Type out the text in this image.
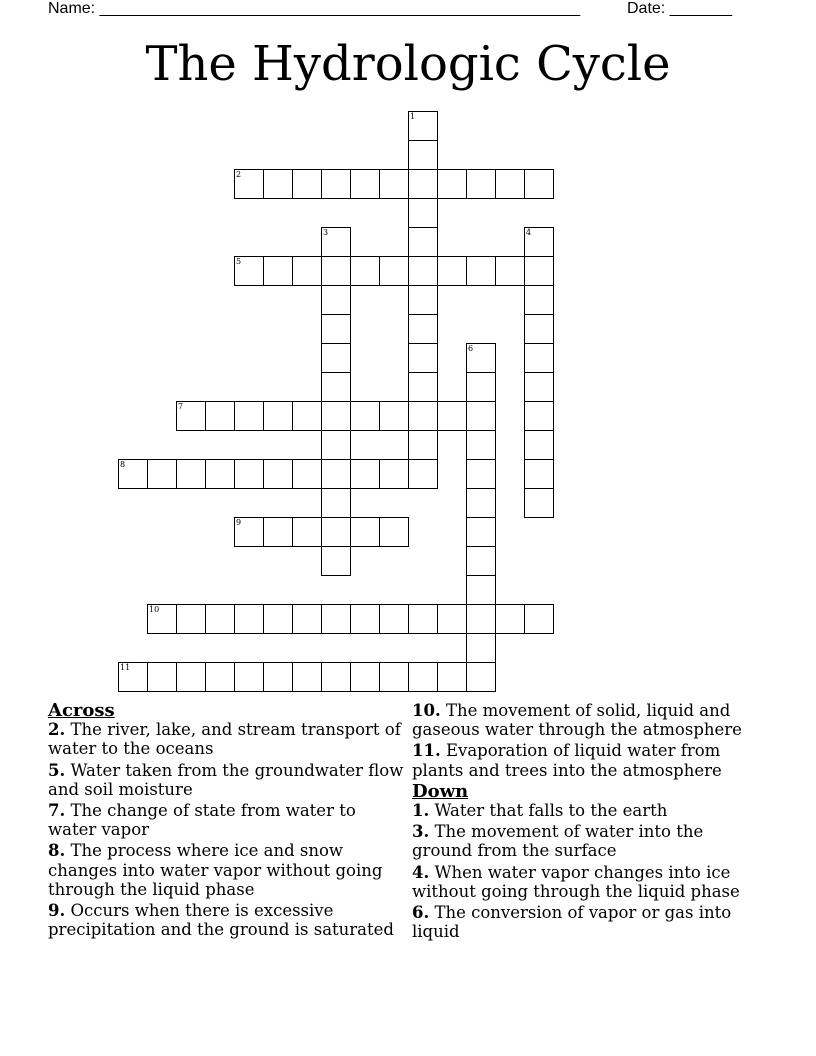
Name: ______________________________________________________	Date: _______
The Hydrologic Cycle
1
2
3	4
5
6
7
8
9
10
11
Across
2. The river, lake, and stream transport of water to the oceans
5. Water taken from the groundwater flow and soil moisture
7. The change of state from water to water vapor
8. The process where ice and snow changes into water vapor without going through the liquid phase
9. Occurs when there is excessive precipitation and the ground is saturated
10. The movement of solid, liquid and gaseous water through the atmosphere
11. Evaporation of liquid water from plants and trees into the atmosphere
Down
1. Water that falls to the earth
3. The movement of water into the ground from the surface
4. When water vapor changes into ice without going through the liquid phase
6. The conversion of vapor or gas into liquid
